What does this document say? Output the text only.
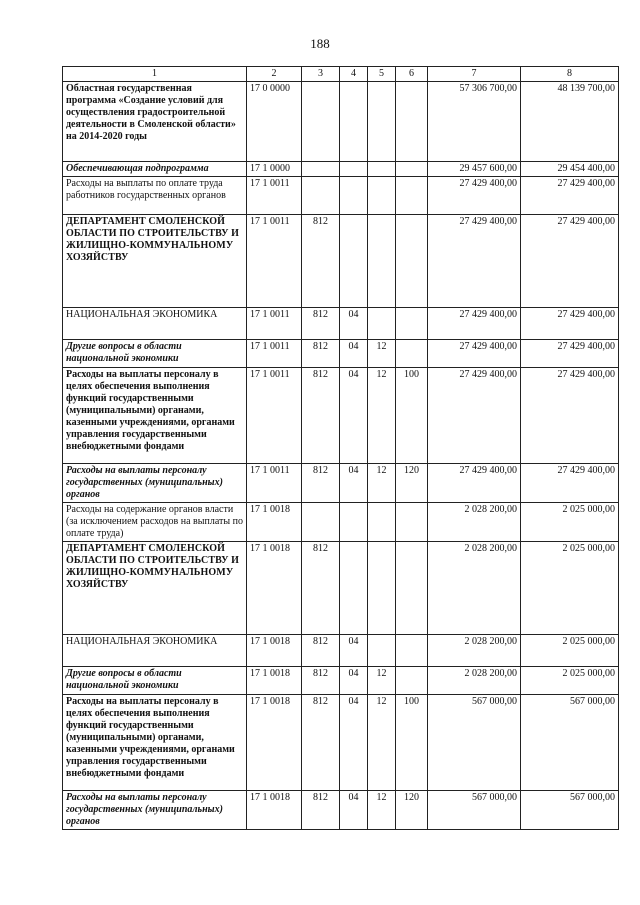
188
1	2	3	4	5	6	7	8
Областная государственная программа «Создание условий для осуществления градостроительной деятельности в Смоленской области» на 2014-2020 годы	17 0 0000					57 306 700,00	48 139 700,00
Обеспечивающая подпрограмма	17 1 0000					29 457 600,00	29 454 400,00
Расходы на выплаты по оплате труда работников государственных органов	17 1 0011					27 429 400,00	27 429 400,00
ДЕПАРТАМЕНТ СМОЛЕНСКОЙ ОБЛАСТИ ПО СТРОИТЕЛЬСТВУ И ЖИЛИЩНО-КОММУНАЛЬНОМУ ХОЗЯЙСТВУ	17 1 0011	812				27 429 400,00	27 429 400,00
НАЦИОНАЛЬНАЯ ЭКОНОМИКА	17 1 0011	812	04			27 429 400,00	27 429 400,00
Другие вопросы в области национальной экономики	17 1 0011	812	04	12		27 429 400,00	27 429 400,00
Расходы на выплаты персоналу в целях обеспечения выполнения функций государственными (муниципальными) органами, казенными учреждениями, органами управления государственными внебюджетными фондами	17 1 0011	812	04	12	100	27 429 400,00	27 429 400,00
Расходы на выплаты персоналу государственных (муниципальных) органов	17 1 0011	812	04	12	120	27 429 400,00	27 429 400,00
Расходы на содержание органов власти (за исключением расходов на выплаты по оплате труда)	17 1 0018					2 028 200,00	2 025 000,00
ДЕПАРТАМЕНТ СМОЛЕНСКОЙ ОБЛАСТИ ПО СТРОИТЕЛЬСТВУ И ЖИЛИЩНО-КОММУНАЛЬНОМУ ХОЗЯЙСТВУ	17 1 0018	812				2 028 200,00	2 025 000,00
НАЦИОНАЛЬНАЯ ЭКОНОМИКА	17 1 0018	812	04			2 028 200,00	2 025 000,00
Другие вопросы в области национальной экономики	17 1 0018	812	04	12		2 028 200,00	2 025 000,00
Расходы на выплаты персоналу в целях обеспечения выполнения функций государственными (муниципальными) органами, казенными учреждениями, органами управления государственными внебюджетными фондами	17 1 0018	812	04	12	100	567 000,00	567 000,00
Расходы на выплаты персоналу государственных (муниципальных) органов	17 1 0018	812	04	12	120	567 000,00	567 000,00
